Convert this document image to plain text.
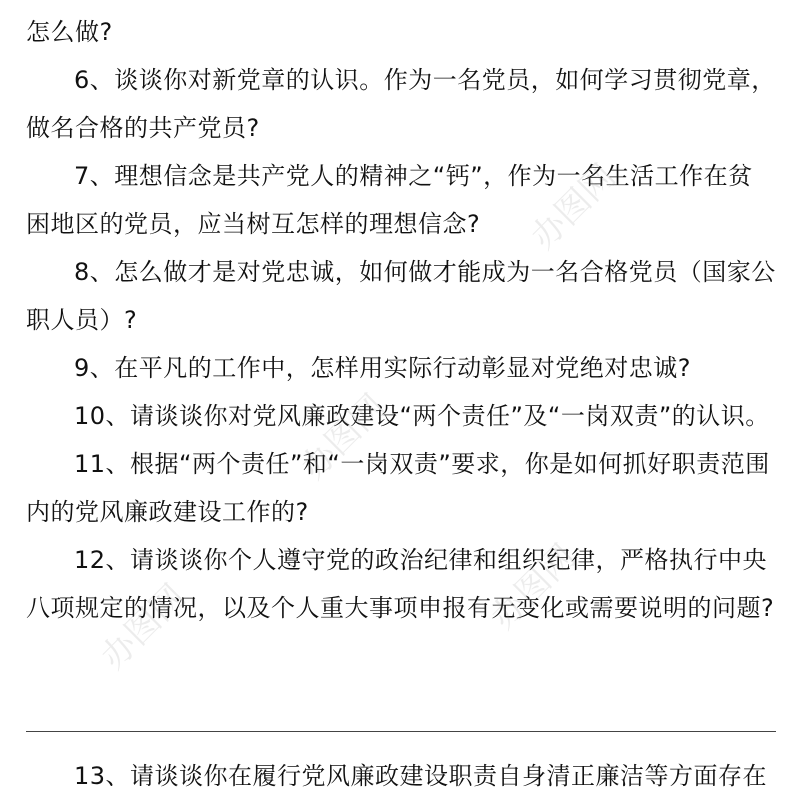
怎么做?

6、谈谈你对新党章的认识。作为一名党员，如何学习贯彻党章，做名合格的共产党员?

7、理想信念是共产党人的精神之“钙”，作为一名生活工作在贫困地区的党员，应当树互怎样的理想信念?

8、怎么做才是对党忠诚，如何做才能成为一名合格党员（国家公职人员）?

9、在平凡的工作中，怎样用实际行动彰显对党绝对忠诚?

10、请谈谈你对党风廉政建设“两个责任”及“一岗双责”的认识。

11、根据“两个责任”和“一岗双责”要求，你是如何抓好职责范围内的党风廉政建设工作的?

12、请谈谈你个人遵守党的政治纪律和组织纪律，严格执行中央八项规定的情况，以及个人重大事项申报有无变化或需要说明的问题?

13、请谈谈你在履行党风廉政建设职责自身清正廉洁等方面存在

办图网
办图网
办图网
办图网
